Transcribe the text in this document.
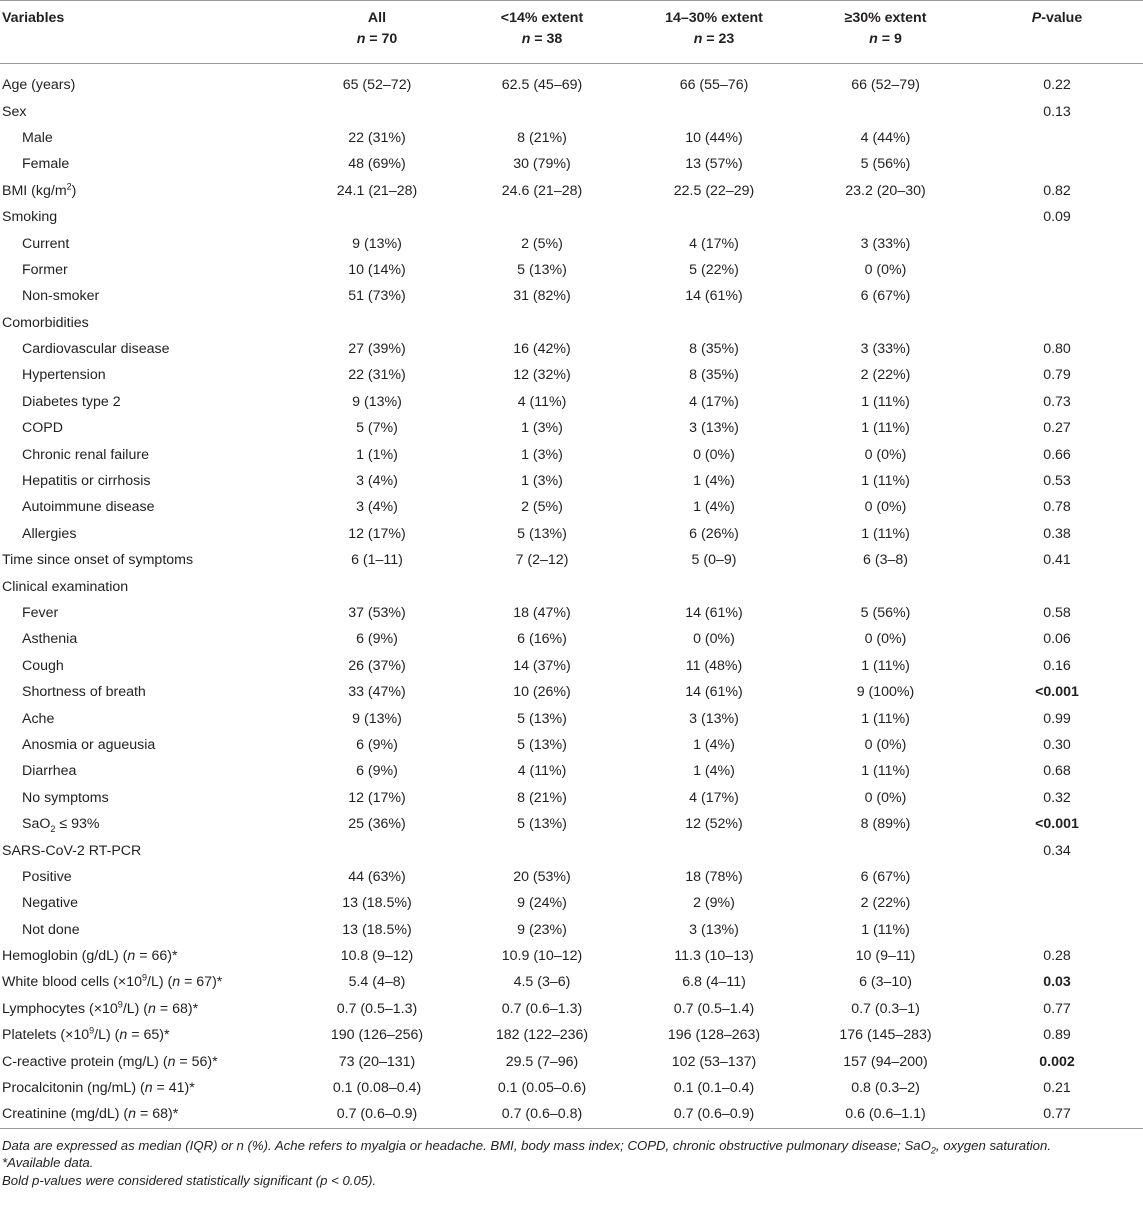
Variables	All	<14% extent	14–30% extent	≥30% extent	P-value
	n = 70	n = 38	n = 23	n = 9	

Age (years)	65 (52–72)	62.5 (45–69)	66 (55–76)	66 (52–79)	0.22
Sex					0.13
Male	22 (31%)	8 (21%)	10 (44%)	4 (44%)	
Female	48 (69%)	30 (79%)	13 (57%)	5 (56%)	
BMI $(kg/m^2)$	24.1 (21–28)	24.6 (21–28)	22.5 (22–29)	23.2 (20–30)	0.82
Smoking					0.09
Current	9 (13%)	2 (5%)	4 (17%)	3 (33%)	
Former	10 (14%)	5 (13%)	5 (22%)	0 (0%)	
Non-smoker	51 (73%)	31 (82%)	14 (61%)	6 (67%)	
Comorbidities					
Cardiovascular disease	27 (39%)	16 (42%)	8 (35%)	3 (33%)	0.80
Hypertension	22 (31%)	12 (32%)	8 (35%)	2 (22%)	0.79
Diabetes type 2	9 (13%)	4 (11%)	4 (17%)	1 (11%)	0.73
COPD	5 (7%)	1 (3%)	3 (13%)	1 (11%)	0.27
Chronic renal failure	1 (1%)	1 (3%)	0 (0%)	0 (0%)	0.66
Hepatitis or cirrhosis	3 (4%)	1 (3%)	1 (4%)	1 (11%)	0.53
Autoimmune disease	3 (4%)	2 (5%)	1 (4%)	0 (0%)	0.78
Allergies	12 (17%)	5 (13%)	6 (26%)	1 (11%)	0.38
Time since onset of symptoms	6 (1–11)	7 (2–12)	5 (0–9)	6 (3–8)	0.41
Clinical examination					
Fever	37 (53%)	18 (47%)	14 (61%)	5 (56%)	0.58
Asthenia	6 (9%)	6 (16%)	0 (0%)	0 (0%)	0.06
Cough	26 (37%)	14 (37%)	11 (48%)	1 (11%)	0.16
Shortness of breath	33 (47%)	10 (26%)	14 (61%)	9 (100%)	<0.001
Ache	9 (13%)	5 (13%)	3 (13%)	1 (11%)	0.99
Anosmia or agueusia	6 (9%)	5 (13%)	1 (4%)	0 (0%)	0.30
Diarrhea	6 (9%)	4 (11%)	1 (4%)	1 (11%)	0.68
No symptoms	12 (17%)	8 (21%)	4 (17%)	0 (0%)	0.32
SaO$_2$ ≤ 93%	25 (36%)	5 (13%)	12 (52%)	8 (89%)	<0.001
SARS-CoV-2 RT-PCR					0.34
Positive	44 (63%)	20 (53%)	18 (78%)	6 (67%)	
Negative	13 (18.5%)	9 (24%)	2 (9%)	2 (22%)	
Not done	13 (18.5%)	9 (23%)	3 (13%)	1 (11%)	
Hemoglobin (g/dL) (n = 66)*	10.8 (9–12)	10.9 (10–12)	11.3 (10–13)	10 (9–11)	0.28
White blood cells $(\times 10^9/L) (n = 67)*$	5.4 (4–8)	4.5 (3–6)	6.8 (4–11)	6 (3–10)	0.03
Lymphocytes $(\times 10^9/L) (n = 68)*$	0.7 (0.5–1.3)	0.7 (0.6–1.3)	0.7 (0.5–1.4)	0.7 (0.3–1)	0.77
Platelets $(\times 10^9/L) (n = 65)*$	190 (126–256)	182 (122–236)	196 (128–263)	176 (145–283)	0.89
C-reactive protein (mg/L) (n = 56)*	73 (20–131)	29.5 (7–96)	102 (53–137)	157 (94–200)	0.002
Procalcitonin (ng/mL) (n = 41)*	0.1 (0.08–0.4)	0.1 (0.05–0.6)	0.1 (0.1–0.4)	0.8 (0.3–2)	0.21
Creatinine (mg/dL) (n = 68)*	0.7 (0.6–0.9)	0.7 (0.6–0.8)	0.7 (0.6–0.9)	0.6 (0.6–1.1)	0.77
Data are expressed as median (IQR) or n (%). Ache refers to myalgia or headache. BMI, body mass index; COPD, chronic obstructive pulmonary disease; SaO$_2$, oxygen saturation.
*Available data.
Bold p-values were considered statistically significant (p < 0.05).
